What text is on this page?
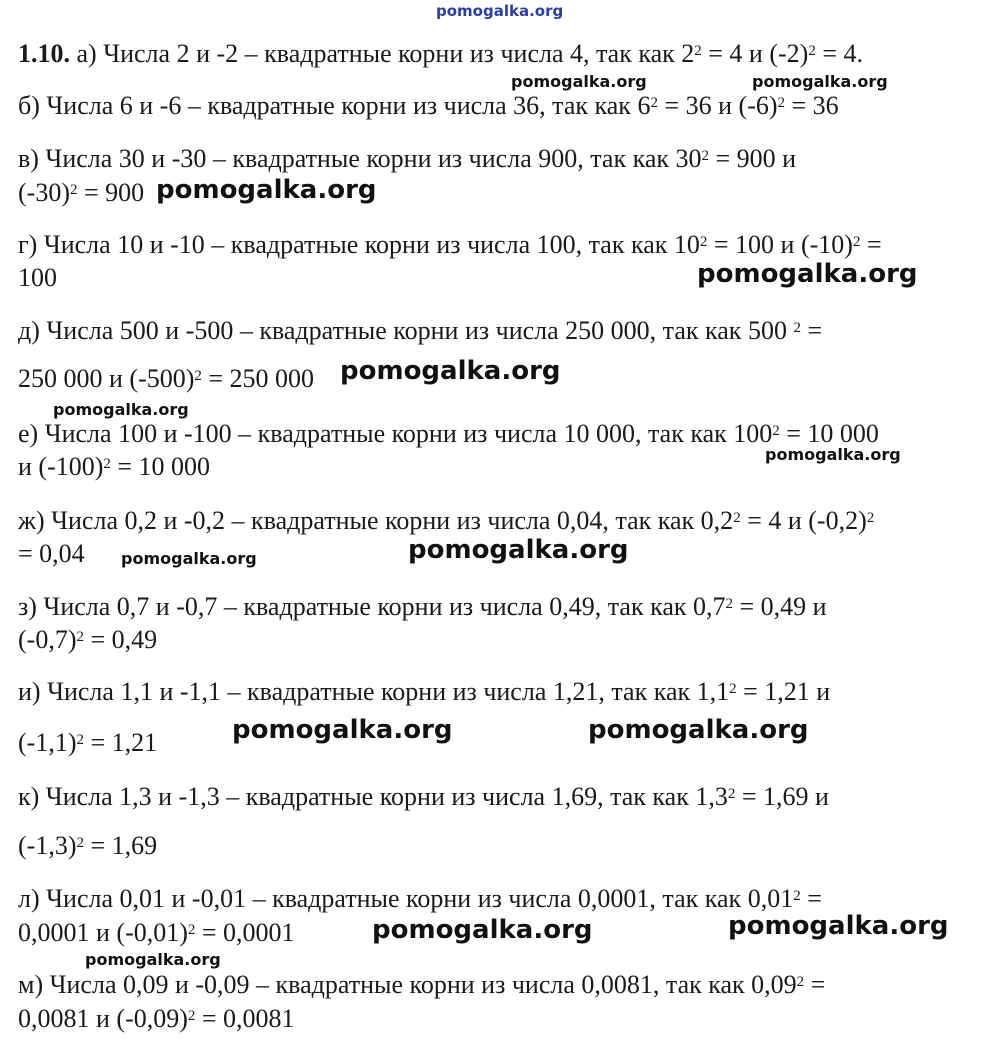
pomogalka.org
1.10. а) Числа 2 и -2 – квадратные корни из числа 4, так как $2^2 = 4$ и $(-2)^2 = 4$.
pomogalka.org	pomogalka.org
б) Числа 6 и -6 – квадратные корни из числа 36, так как $6^2 = 36$ и $(-6)^2 = 36$
в) Числа 30 и -30 – квадратные корни из числа 900, так как $30^2 = 900$ и
$(-30)^2 = 900$ pomogalka.org
г) Числа 10 и -10 – квадратные корни из числа 100, так как $10^2 = 100$ и $(-10)^2$ =
100	pomogalka.org
д) Числа 500 и -500 – квадратные корни из числа 250 000, так как 500 $^2$ =
250 000 и $(-500)^2 = 250$ 000 pomogalka.org
pomogalka.org
е) Числа 100 и -100 – квадратные корни из числа 10 000, так как $100^2 = 10$ 000
pomogalka.org
и $(-100)^2 = 10$ 000
ж) Числа 0,2 и -0,2 – квадратные корни из числа 0,04, так как $0,2^2 = 4$ и $(-0,2)^2$
= 0,04 pomogalka.org	pomogalka.org
з) Числа 0,7 и -0,7 – квадратные корни из числа 0,49, так как $0,7^2 = 0,49$ и
$(-0,7)^2 = 0,49$
и) Числа 1,1 и -1,1 – квадратные корни из числа 1,21, так как $1,1^2 = 1,21$ и
pomogalka.org	pomogalka.org
$(-1,1)^2 = 1,21$
к) Числа 1,3 и -1,3 – квадратные корни из числа 1,69, так как $1,3^2 = 1,69$ и
$(-1,3)^2 = 1,69$
л) Числа 0,01 и -0,01 – квадратные корни из числа 0,0001, так как $0,01^2$ =
0,0001 и $(-0,01)^2 = 0,0001$	pomogalka.org	pomogalka.org
pomogalka.org
м) Числа 0,09 и -0,09 – квадратные корни из числа 0,0081, так как $0,09^2$ =
0,0081 и $(-0,09)^2 = 0,0081$
